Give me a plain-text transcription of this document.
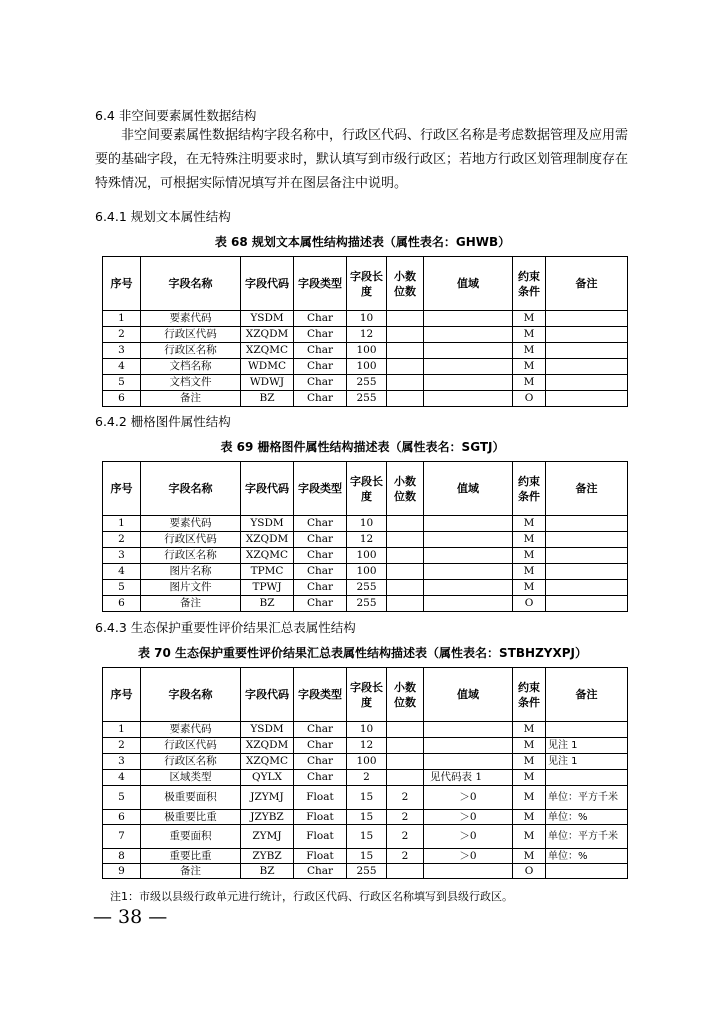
6.4 非空间要素属性数据结构
非空间要素属性数据结构字段名称中，行政区代码、行政区名称是考虑数据管理及应用需要的基础字段，在无特殊注明要求时，默认填写到市级行政区；若地方行政区划管理制度存在特殊情况，可根据实际情况填写并在图层备注中说明。
6.4.1 规划文本属性结构
表 68 规划文本属性结构描述表（属性表名：GHWB）
序号	字段名称	字段代码	字段类型	字段长度	小数位数	值域	约束条件	备注
1	要素代码	YSDM	Char	10			M	
2	行政区代码	XZQDM	Char	12			M	
3	行政区名称	XZQMC	Char	100			M	
4	文档名称	WDMC	Char	100			M	
5	文档文件	WDWJ	Char	255			M	
6	备注	BZ	Char	255			O	
6.4.2 栅格图件属性结构
表 69 栅格图件属性结构描述表（属性表名：SGTJ）
序号	字段名称	字段代码	字段类型	字段长度	小数位数	值域	约束条件	备注
1	要素代码	YSDM	Char	10			M	
2	行政区代码	XZQDM	Char	12			M	
3	行政区名称	XZQMC	Char	100			M	
4	图片名称	TPMC	Char	100			M	
5	图片文件	TPWJ	Char	255			M	
6	备注	BZ	Char	255			O	
6.4.3 生态保护重要性评价结果汇总表属性结构
表 70 生态保护重要性评价结果汇总表属性结构描述表（属性表名：STBHZYXPJ）
序号	字段名称	字段代码	字段类型	字段长度	小数位数	值域	约束条件	备注
1	要素代码	YSDM	Char	10			M	
2	行政区代码	XZQDM	Char	12			M	见注 1
3	行政区名称	XZQMC	Char	100			M	见注 1
4	区域类型	QYLX	Char	2		见代码表 1	M	
5	极重要面积	JZYMJ	Float	15	2	＞0	M	单位：平方千米
6	极重要比重	JZYBZ	Float	15	2	＞0	M	单位：%
7	重要面积	ZYMJ	Float	15	2	＞0	M	单位：平方千米
8	重要比重	ZYBZ	Float	15	2	＞0	M	单位：%
9	备注	BZ	Char	255			O	
注1：市级以县级行政单元进行统计，行政区代码、行政区名称填写到县级行政区。
— 38 —
